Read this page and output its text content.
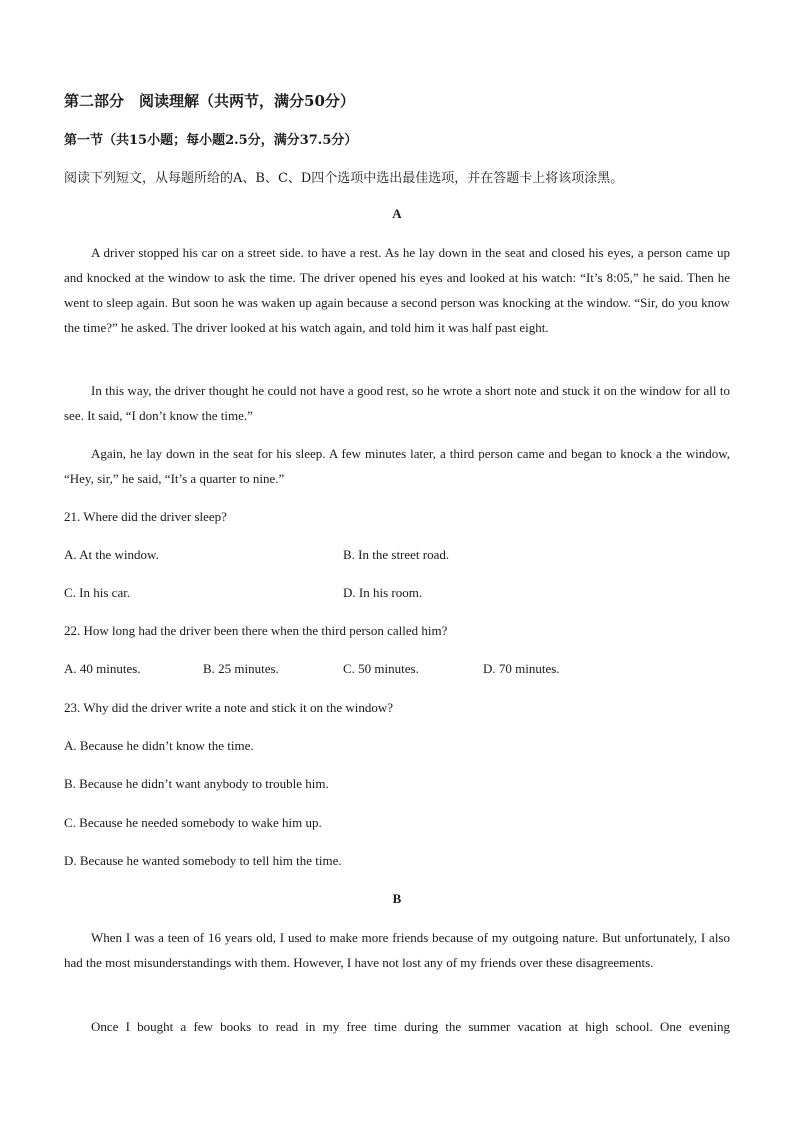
第二部分　阅读理解（共两节，满分50分）

第一节（共15小题；每小题2.5分，满分37.5分）

阅读下列短文，从每题所给的A、B、C、D四个选项中选出最佳选项，并在答题卡上将该项涂黑。

A

A driver stopped his car on a street side. to have a rest. As he lay down in the seat and closed his eyes, a person came up and knocked at the window to ask the time. The driver opened his eyes and looked at his watch: “It’s 8:05,” he said. Then he went to sleep again. But soon he was waken up again because a second person was knocking at the window. “Sir, do you know the time?” he asked. The driver looked at his watch again, and told him it was half past eight.

In this way, the driver thought he could not have a good rest, so he wrote a short note and stuck it on the window for all to see. It said, “I don’t know the time.”

Again, he lay down in the seat for his sleep. A few minutes later, a third person came and began to knock a the window, “Hey, sir,” he said, “It’s a quarter to nine.”

21. Where did the driver sleep?

A. At the window.	B. In the street road.

C. In his car.	D. In his room.

22. How long had the driver been there when the third person called him?

A. 40 minutes.	B. 25 minutes.	C. 50 minutes.	D. 70 minutes.

23. Why did the driver write a note and stick it on the window?

A. Because he didn’t know the time.

B. Because he didn’t want anybody to trouble him.

C. Because he needed somebody to wake him up.

D. Because he wanted somebody to tell him the time.

B

When I was a teen of 16 years old, I used to make more friends because of my outgoing nature. But unfortunately, I also had the most misunderstandings with them. However, I have not lost any of my friends over these disagreements.

Once I bought a few books to read in my free time during the summer vacation at high school. One evening
